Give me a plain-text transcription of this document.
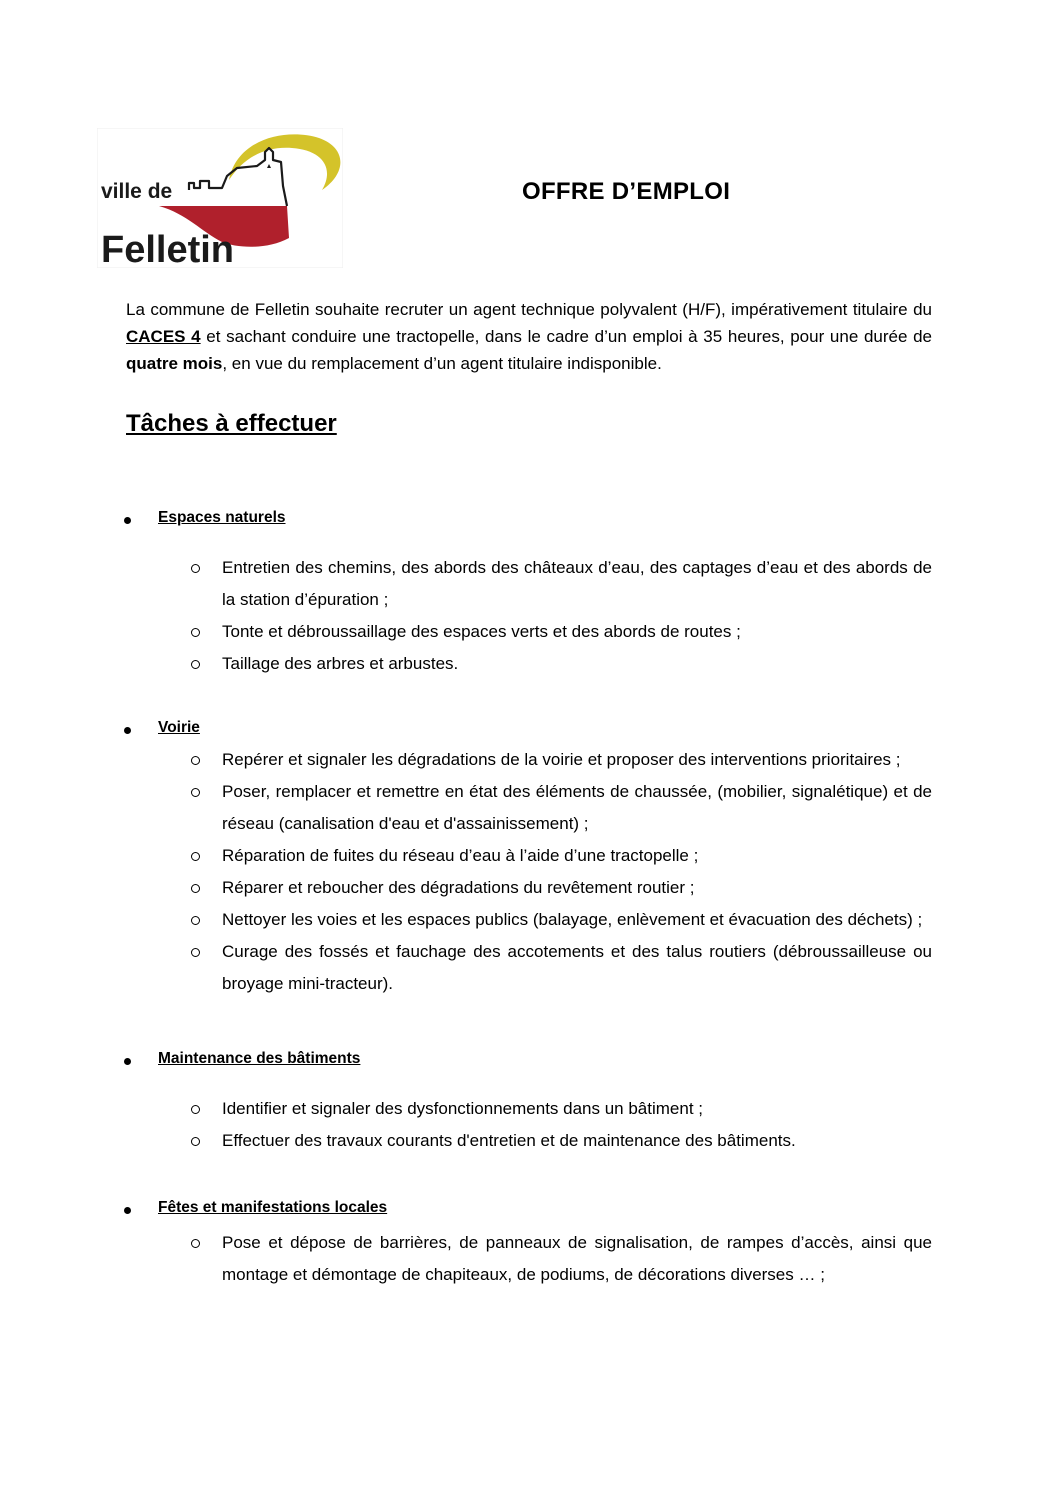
ville de
Felletin
OFFRE D’EMPLOI

La commune de Felletin souhaite recruter un agent technique polyvalent (H/F), impérativement titulaire du CACES 4 et sachant conduire une tractopelle, dans le cadre d’un emploi à 35 heures, pour une durée de quatre mois, en vue du remplacement d’un agent titulaire indisponible.

Tâches à effectuer
Espaces naturels
Entretien des chemins, des abords des châteaux d’eau, des captages d’eau et des abords de la station d’épuration ;
Tonte et débroussaillage des espaces verts et des abords de routes ;
Taillage des arbres et arbustes.
Voirie
Repérer et signaler les dégradations de la voirie et proposer des interventions prioritaires ;
Poser, remplacer et remettre en état des éléments de chaussée, (mobilier, signalétique) et de réseau (canalisation d'eau et d'assainissement) ;
Réparation de fuites du réseau d’eau à l’aide d’une tractopelle ;
Réparer et reboucher des dégradations du revêtement routier ;
Nettoyer les voies et les espaces publics (balayage, enlèvement et évacuation des déchets) ;
Curage des fossés et fauchage des accotements et des talus routiers (débroussailleuse ou broyage mini-tracteur).
Maintenance des bâtiments
Identifier et signaler des dysfonctionnements dans un bâtiment ;
Effectuer des travaux courants d'entretien et de maintenance des bâtiments.
Fêtes et manifestations locales
Pose et dépose de barrières, de panneaux de signalisation, de rampes d’accès, ainsi que montage et démontage de chapiteaux, de podiums, de décorations diverses … ;
